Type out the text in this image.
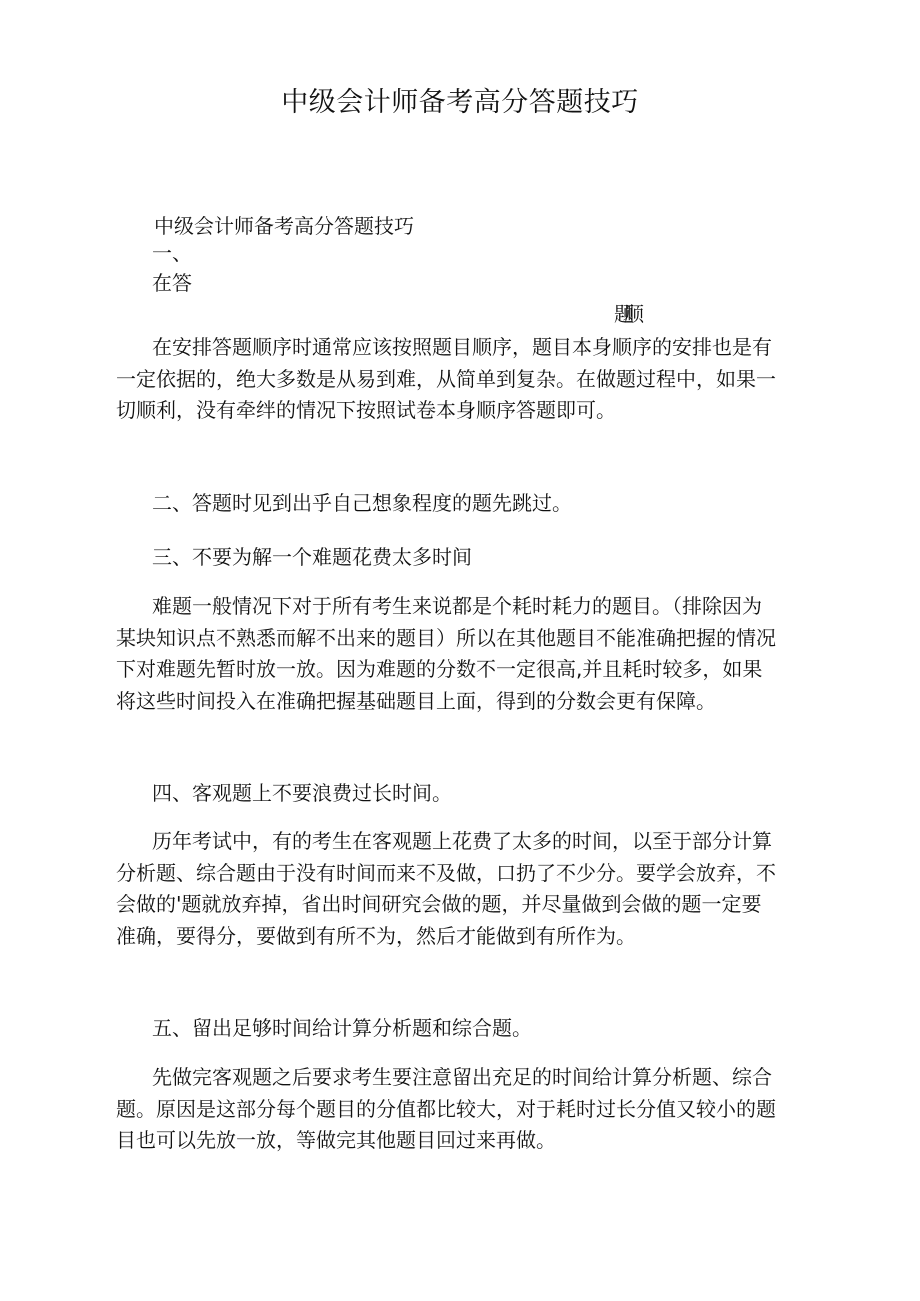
中级会计师备考高分答题技巧
中级会计师备考高分答题技巧
一、
在答
题顺

在安排答题顺序时通常应该按照题目顺序，题目本身顺序的安排也是有一定依据的，绝大多数是从易到难，从简单到复杂。在做题过程中，如果一切顺利，没有牵绊的情况下按照试卷本身顺序答题即可。

二、答题时见到出乎自己想象程度的题先跳过。

三、不要为解一个难题花费太多时间

难题一般情况下对于所有考生来说都是个耗时耗力的题目。（排除因为某块知识点不熟悉而解不出来的题目）所以在其他题目不能准确把握的情况下对难题先暂时放一放。因为难题的分数不一定很高,并且耗时较多，如果将这些时间投入在准确把握基础题目上面，得到的分数会更有保障。

四、客观题上不要浪费过长时间。

历年考试中，有的考生在客观题上花费了太多的时间，以至于部分计算分析题、综合题由于没有时间而来不及做，口扔了不少分。要学会放弃，不会做的'题就放弃掉，省出时间研究会做的题，并尽量做到会做的题一定要准确，要得分，要做到有所不为，然后才能做到有所作为。

五、留出足够时间给计算分析题和综合题。

先做完客观题之后要求考生要注意留出充足的时间给计算分析题、综合题。原因是这部分每个题目的分值都比较大，对于耗时过长分值又较小的题目也可以先放一放，等做完其他题目回过来再做。
